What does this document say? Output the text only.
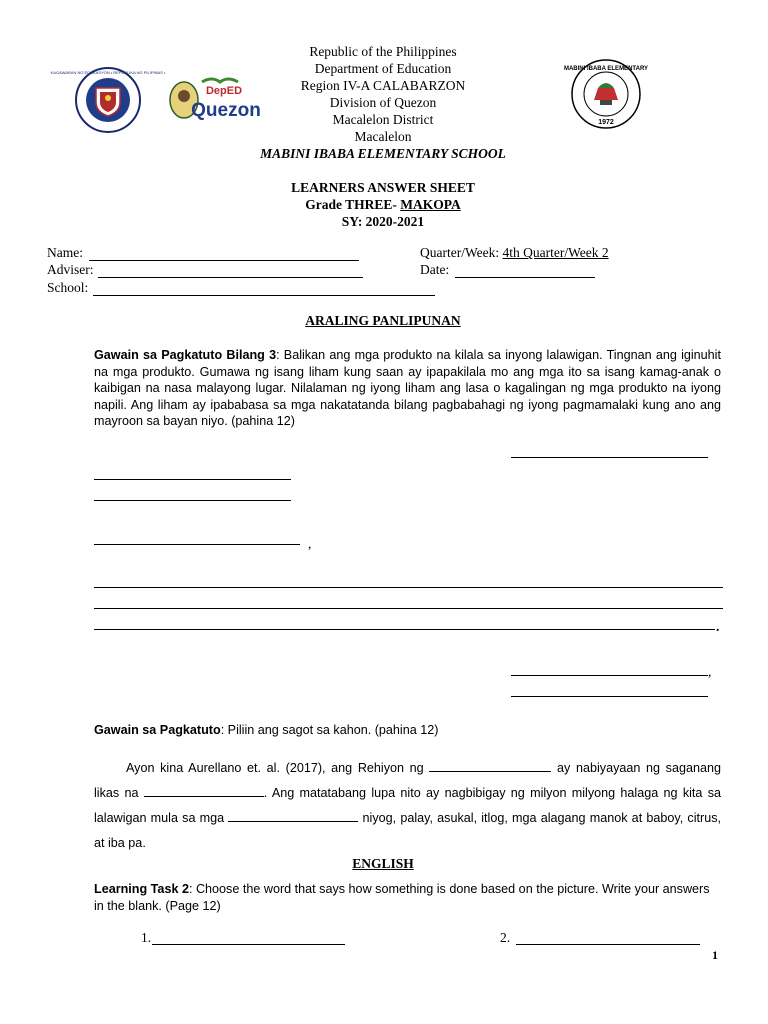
KAGAWARAN NG EDUKASYON • REPUBLIKA NG PILIPINAS •
DepED
Quezon
MABINI IBABA ELEMENTARY
1972
Republic of the Philippines
Department of Education
Region IV-A CALABARZON
Division of Quezon
Macalelon District
Macalelon
MABINI IBABA ELEMENTARY SCHOOL
LEARNERS ANSWER SHEET
Grade THREE- MAKOPA
SY: 2020-2021
Name:
Adviser:
School:
Quarter/Week: 4th Quarter/Week 2
Date:
ARALING PANLIPUNAN
Gawain sa Pagkatuto Bilang 3: Balikan ang mga produkto na kilala sa inyong lalawigan. Tingnan ang iginuhit na mga produkto. Gumawa ng isang liham kung saan ay ipapakilala mo ang mga ito sa isang kamag-anak o kaibigan na nasa malayong lugar. Nilalaman ng iyong liham ang lasa o kagalingan ng mga produkto na iyong napili. Ang liham ay ipababasa sa mga nakatatanda bilang pagbabahagi ng iyong pagmamalaki kung ano ang mayroon sa bayan niyo. (pahina 12)
,
.
,
Gawain sa Pagkatuto: Piliin ang sagot sa kahon. (pahina 12)
Ayon kina Aurellano et. al. (2017), ang Rehiyon ng	ay nabiyayaan ng saganang likas na	. Ang matatabang lupa nito ay nagbibigay ng milyon milyong halaga ng kita sa lalawigan mula sa mga	niyog, palay, asukal, itlog, mga alagang manok at baboy, citrus, at iba pa.
ENGLISH
Learning Task 2: Choose the word that says how something is done based on the picture. Write your answers in the blank. (Page 12)
1.	2.
1
